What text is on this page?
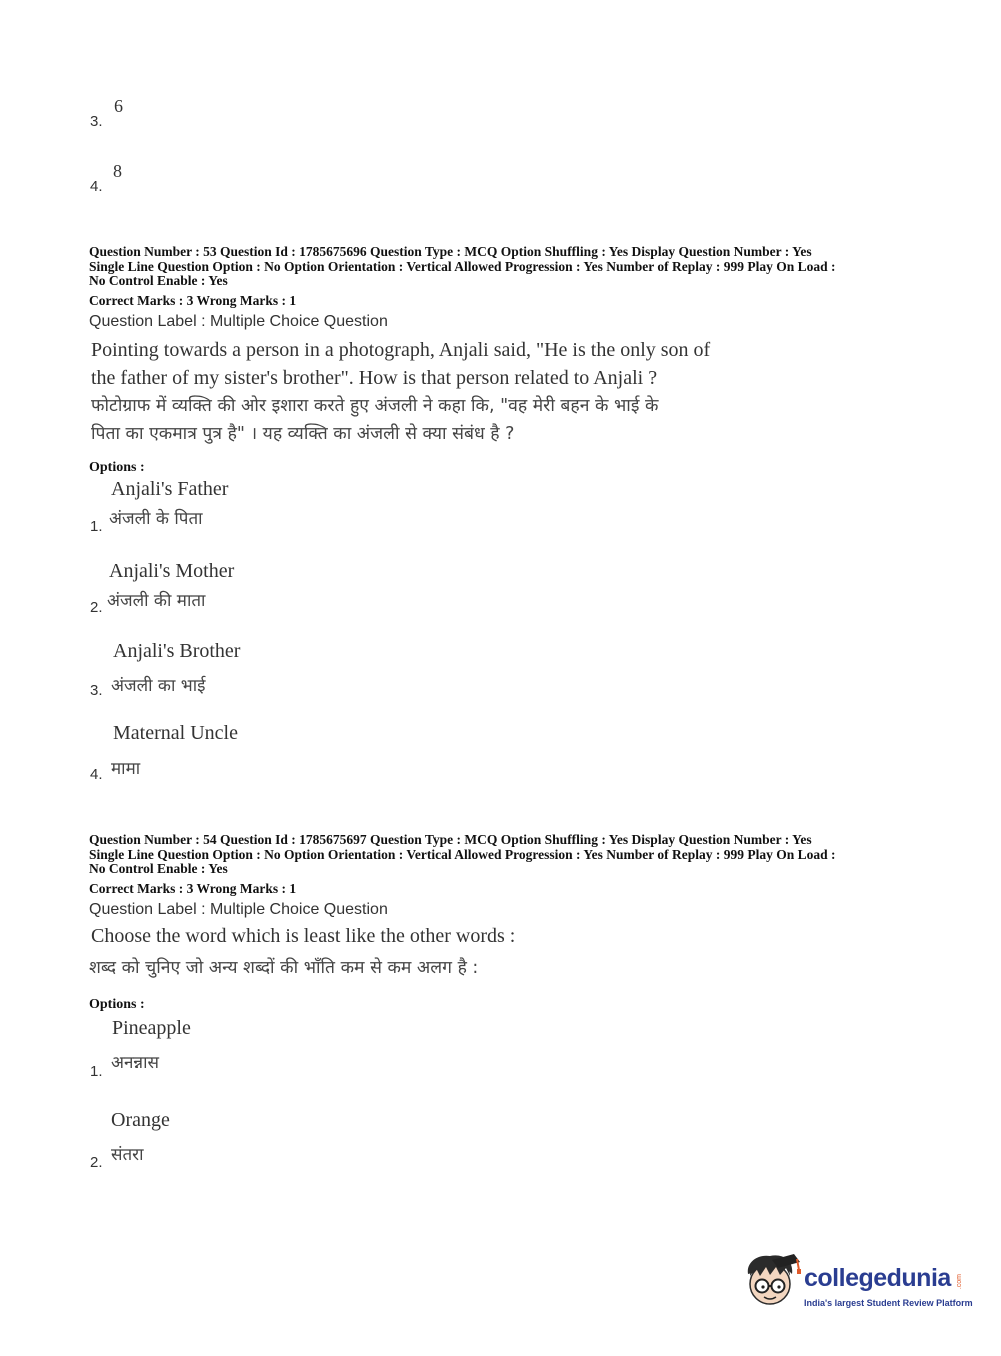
3.
6
4.
8
Question Number : 53 Question Id : 1785675696 Question Type : MCQ Option Shuffling : Yes Display Question Number : Yes
Single Line Question Option : No Option Orientation : Vertical Allowed Progression : Yes Number of Replay : 999 Play On Load :
No Control Enable : Yes
Correct Marks : 3 Wrong Marks : 1
Question Label : Multiple Choice Question
Pointing towards a person in a photograph, Anjali said, "He is the only son of
the father of my sister's brother". How is that person related to Anjali ?
फोटोग्राफ में व्यक्ति की ओर इशारा करते हुए अंजली ने कहा कि, "वह मेरी बहन के भाई के
पिता का एकमात्र पुत्र है" । यह व्यक्ति का अंजली से क्या संबंध है ?
Options :
Anjali's Father
अंजली के पिता
1.
Anjali's Mother
अंजली की माता
2.
Anjali's Brother
अंजली का भाई
3.
Maternal Uncle
मामा
4.
Question Number : 54 Question Id : 1785675697 Question Type : MCQ Option Shuffling : Yes Display Question Number : Yes
Single Line Question Option : No Option Orientation : Vertical Allowed Progression : Yes Number of Replay : 999 Play On Load :
No Control Enable : Yes
Correct Marks : 3 Wrong Marks : 1
Question Label : Multiple Choice Question
Choose the word which is least like the other words :
शब्द को चुनिए जो अन्य शब्दों की भाँति कम से कम अलग है :
Options :
Pineapple
अनन्नास
1.
Orange
संतरा
2.
collegedunia .com
India's largest Student Review Platform
